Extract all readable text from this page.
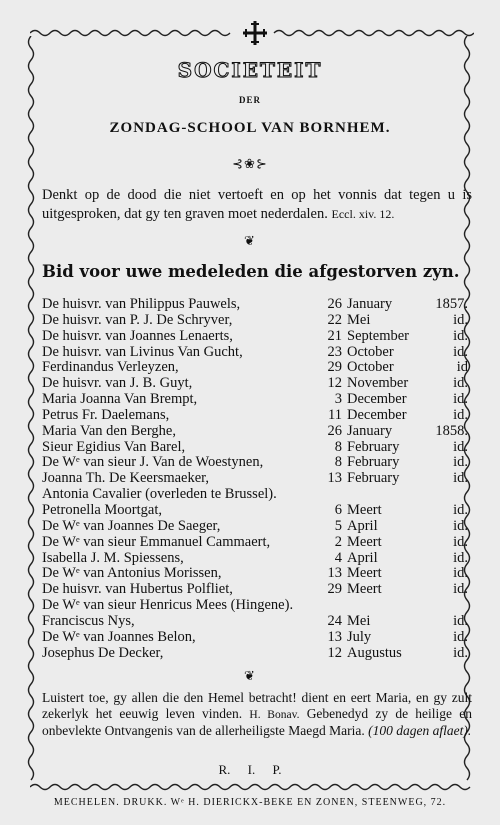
SOCIETEIT
DER
ZONDAG-SCHOOL VAN BORNHEM.
⊰❀⊱
Denkt op de dood die niet vertoeft en op het vonnis dat tegen u is uitgesproken, dat gy ten graven moet nederdalen. Eccl. xiv. 12.
❦
Bid voor uwe medeleden die afgestorven zyn.
De huisvr. van Philippus Pauwels,	26 January	1857.
De huisvr. van P. J. De Schryver,	22 Mei	id.
De huisvr. van Joannes Lenaerts,	21 September	id.
De huisvr. van Livinus Van Gucht,	23 October	id.
Ferdinandus Verleyzen,	29 October	id
De huisvr. van J. B. Guyt,	12 November	id.
Maria Joanna Van Brempt,	3 December	id.
Petrus Fr. Daelemans,	11 December	id.
Maria Van den Berghe,	26 January	1858.
Sieur Egidius Van Barel,	8 February	id.
De Wᵉ van sieur J. Van de Woestynen,	8 February	id.
Joanna Th. De Keersmaeker,	13 February	id.
Antonia Cavalier (overleden te Brussel).
Petronella Moortgat,	6 Meert	id.
De Wᵉ van Joannes De Saeger,	5 April	id.
De Wᵉ van sieur Emmanuel Cammaert,	2 Meert	id.
Isabella J. M. Spiessens,	4 April	id.
De Wᵉ van Antonius Morissen,	13 Meert	id.
De huisvr. van Hubertus Polfliet,	29 Meert	id.
De Wᵉ van sieur Henricus Mees (Hingene).
Franciscus Nys,	24 Mei	id.
De Wᵉ van Joannes Belon,	13 July	id.
Josephus De Decker,	12 Augustus	id.
❦
Luistert toe, gy allen die den Hemel betracht! dient en eert Maria, en gy zult zekerlyk het eeuwig leven vinden. H. Bonav. Gebenedyd zy de heilige en onbevlekte Ontvangenis van de allerheiligste Maegd Maria. (100 dagen aflaet).
R. I. P.
MECHELEN. DRUKK. Wᵉ H. DIERICKX-BEKE EN ZONEN, STEENWEG, 72.
